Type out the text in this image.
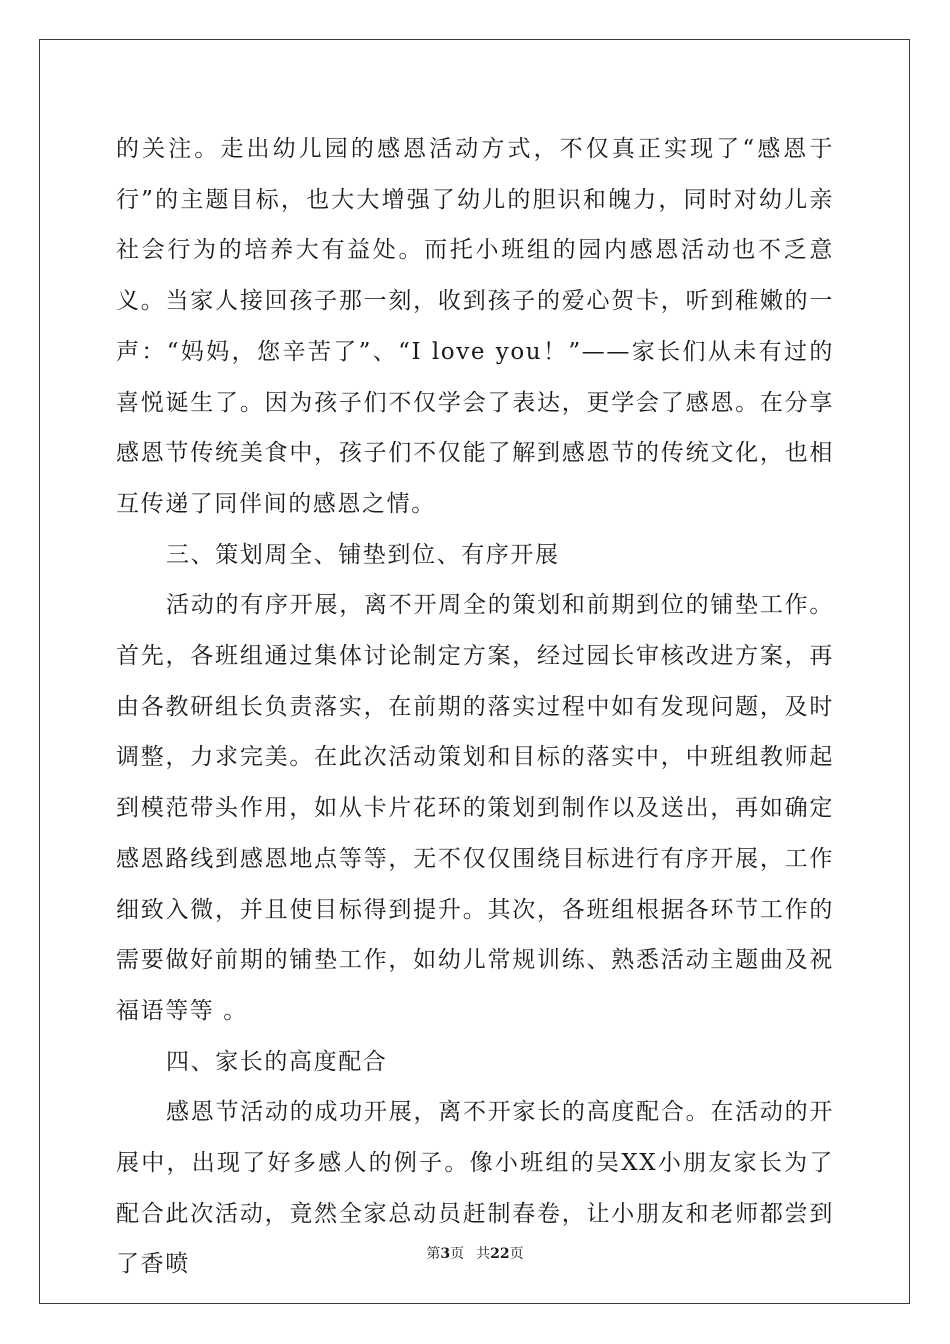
的关注。走出幼儿园的感恩活动方式，不仅真正实现了“感恩于行”的主题目标，也大大增强了幼儿的胆识和魄力，同时对幼儿亲社会行为的培养大有益处。而托小班组的园内感恩活动也不乏意义。当家人接回孩子那一刻，收到孩子的爱心贺卡，听到稚嫩的一声：“妈妈，您辛苦了”、“I love you！”——家长们从未有过的喜悦诞生了。因为孩子们不仅学会了表达，更学会了感恩。在分享感恩节传统美食中，孩子们不仅能了解到感恩节的传统文化，也相互传递了同伴间的感恩之情。

三、策划周全、铺垫到位、有序开展

活动的有序开展，离不开周全的策划和前期到位的铺垫工作。首先，各班组通过集体讨论制定方案，经过园长审核改进方案，再由各教研组长负责落实，在前期的落实过程中如有发现问题，及时调整，力求完美。在此次活动策划和目标的落实中，中班组教师起到模范带头作用，如从卡片花环的策划到制作以及送出，再如确定感恩路线到感恩地点等等，无不仅仅围绕目标进行有序开展，工作细致入微，并且使目标得到提升。其次，各班组根据各环节工作的需要做好前期的铺垫工作，如幼儿常规训练、熟悉活动主题曲及祝福语等等 。

四、家长的高度配合

感恩节活动的成功开展，离不开家长的高度配合。在活动的开展中，出现了好多感人的例子。像小班组的吴XX小朋友家长为了配合此次活动，竟然全家总动员赶制春卷，让小朋友和老师都尝到了香喷	第3页 共22页
